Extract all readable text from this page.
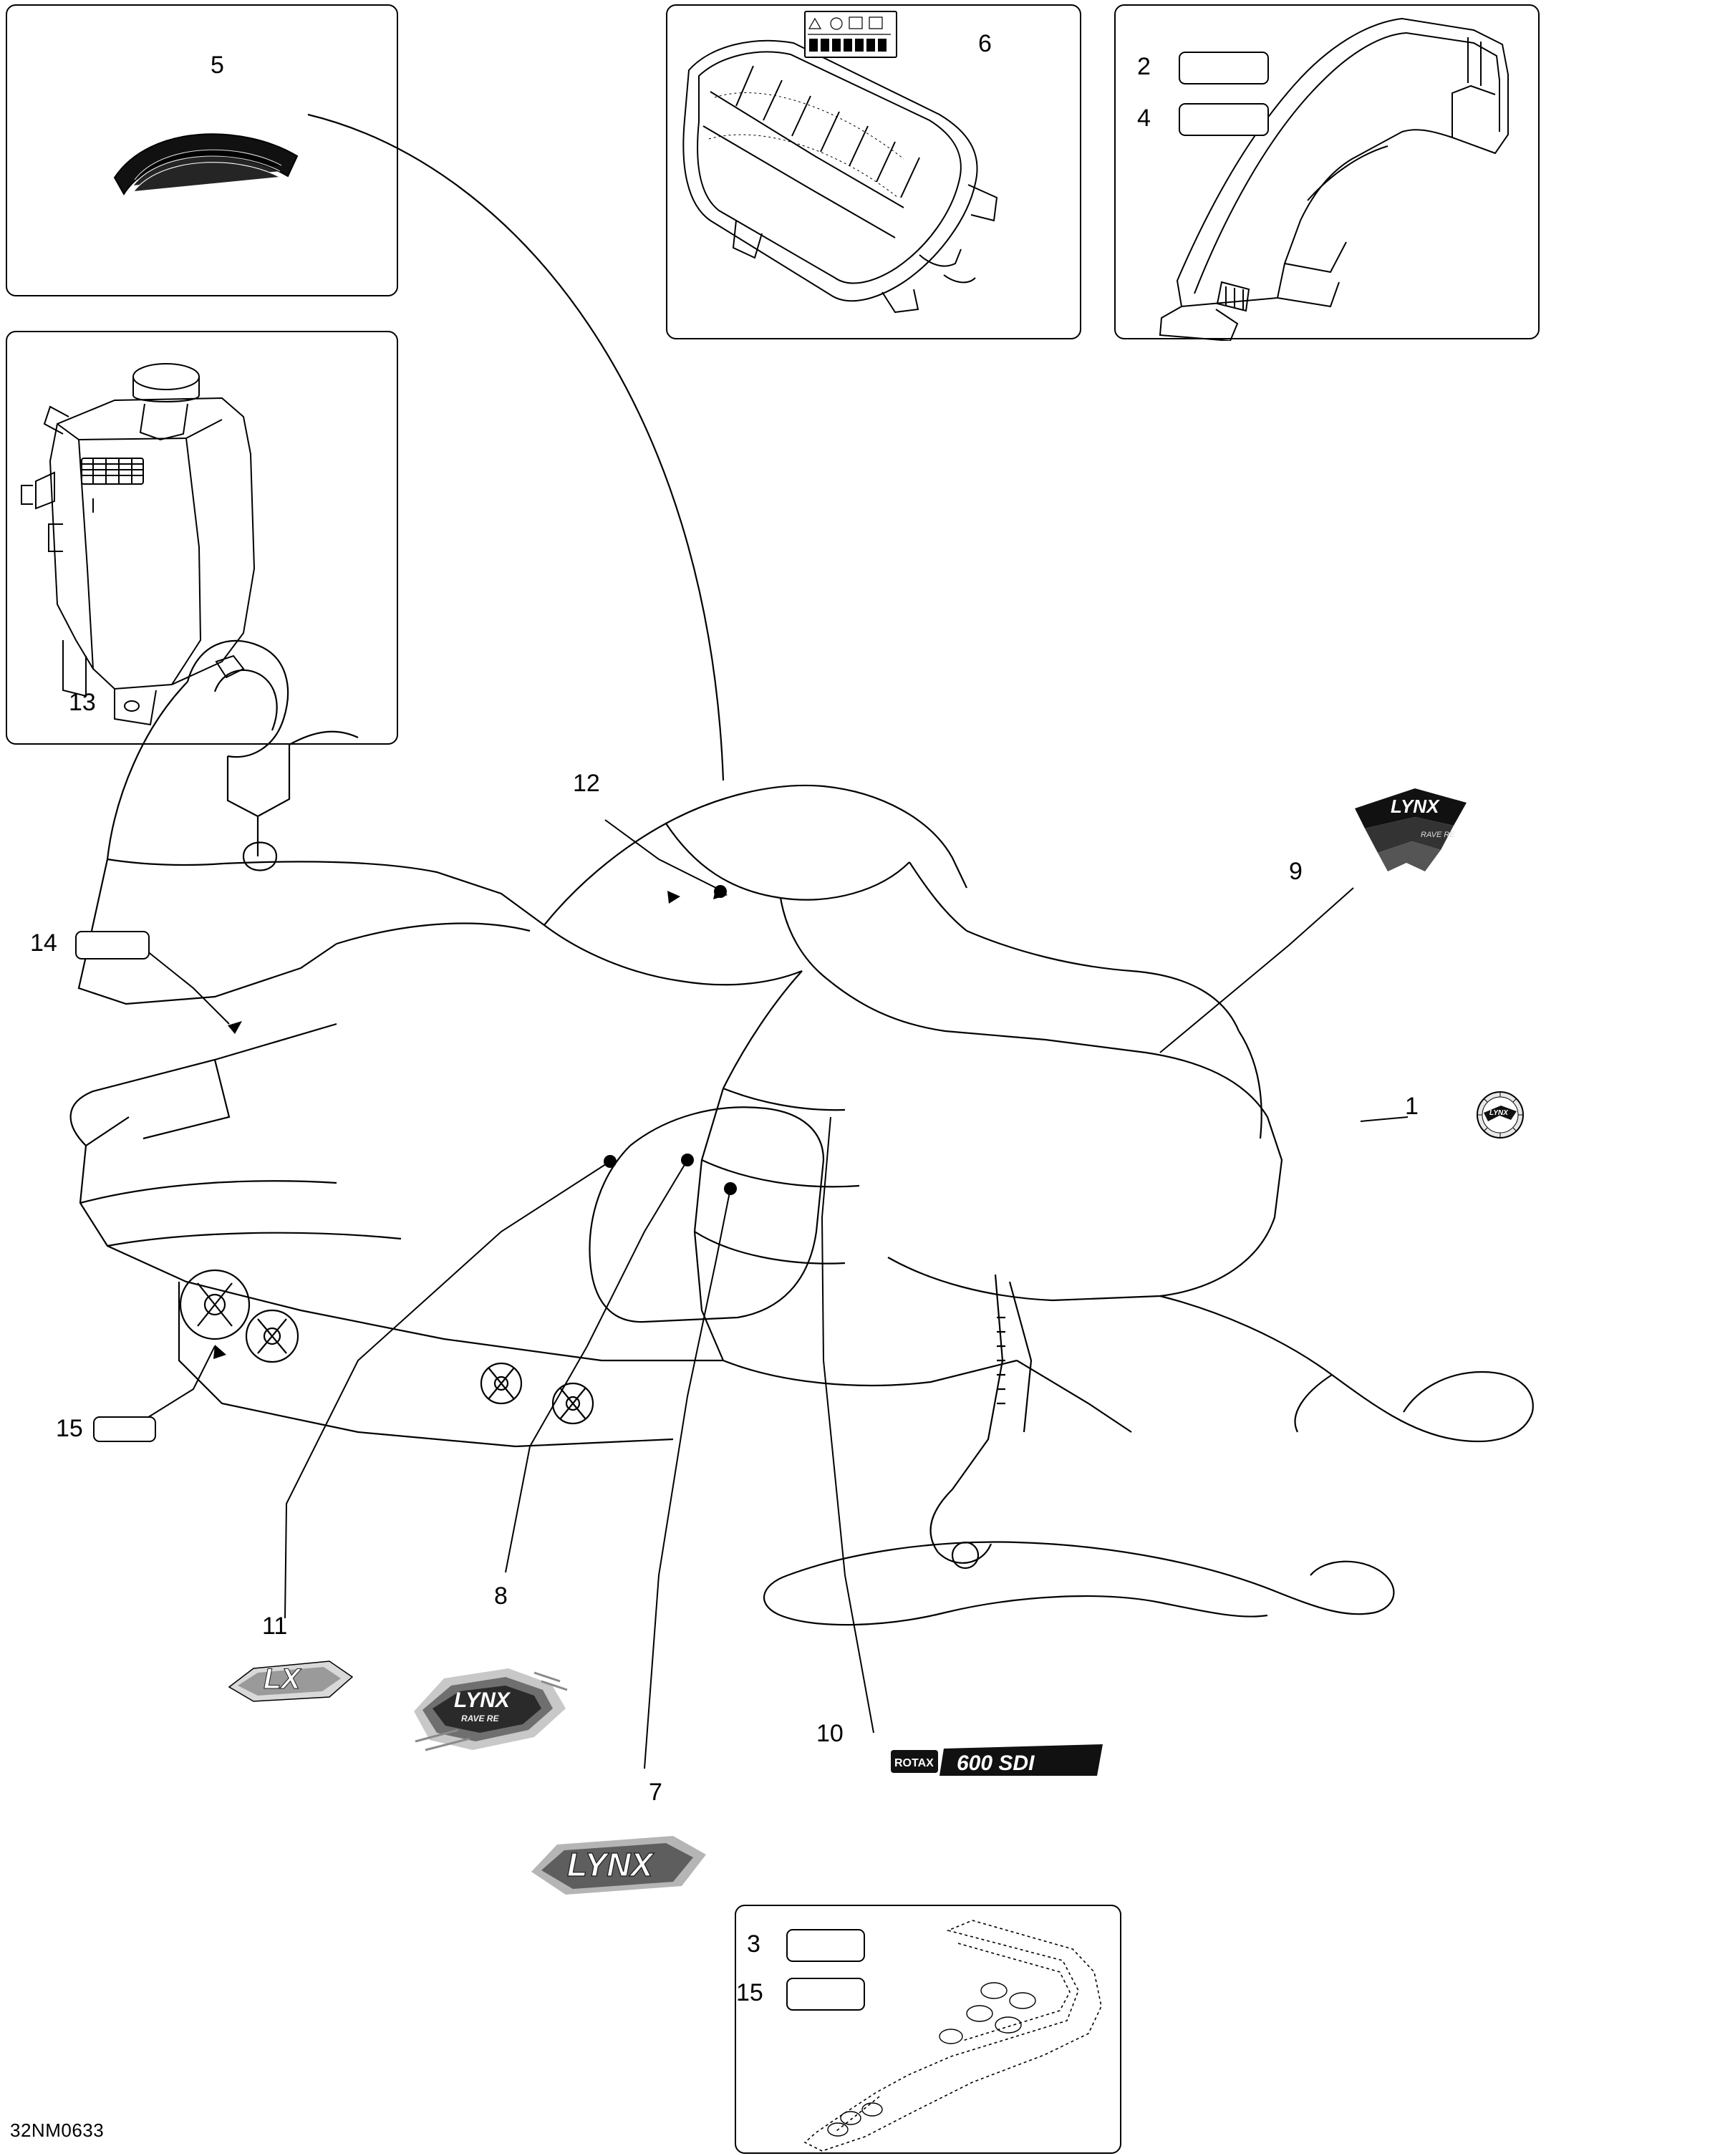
5
13
6
2
4
3
15
12
9
1
14
15
11
8
7
10
LYNX
RAVE RE
LYNX
LX
LYNX
RAVE RE
ROTAX 600 SDI
LYNX
32NM0633
